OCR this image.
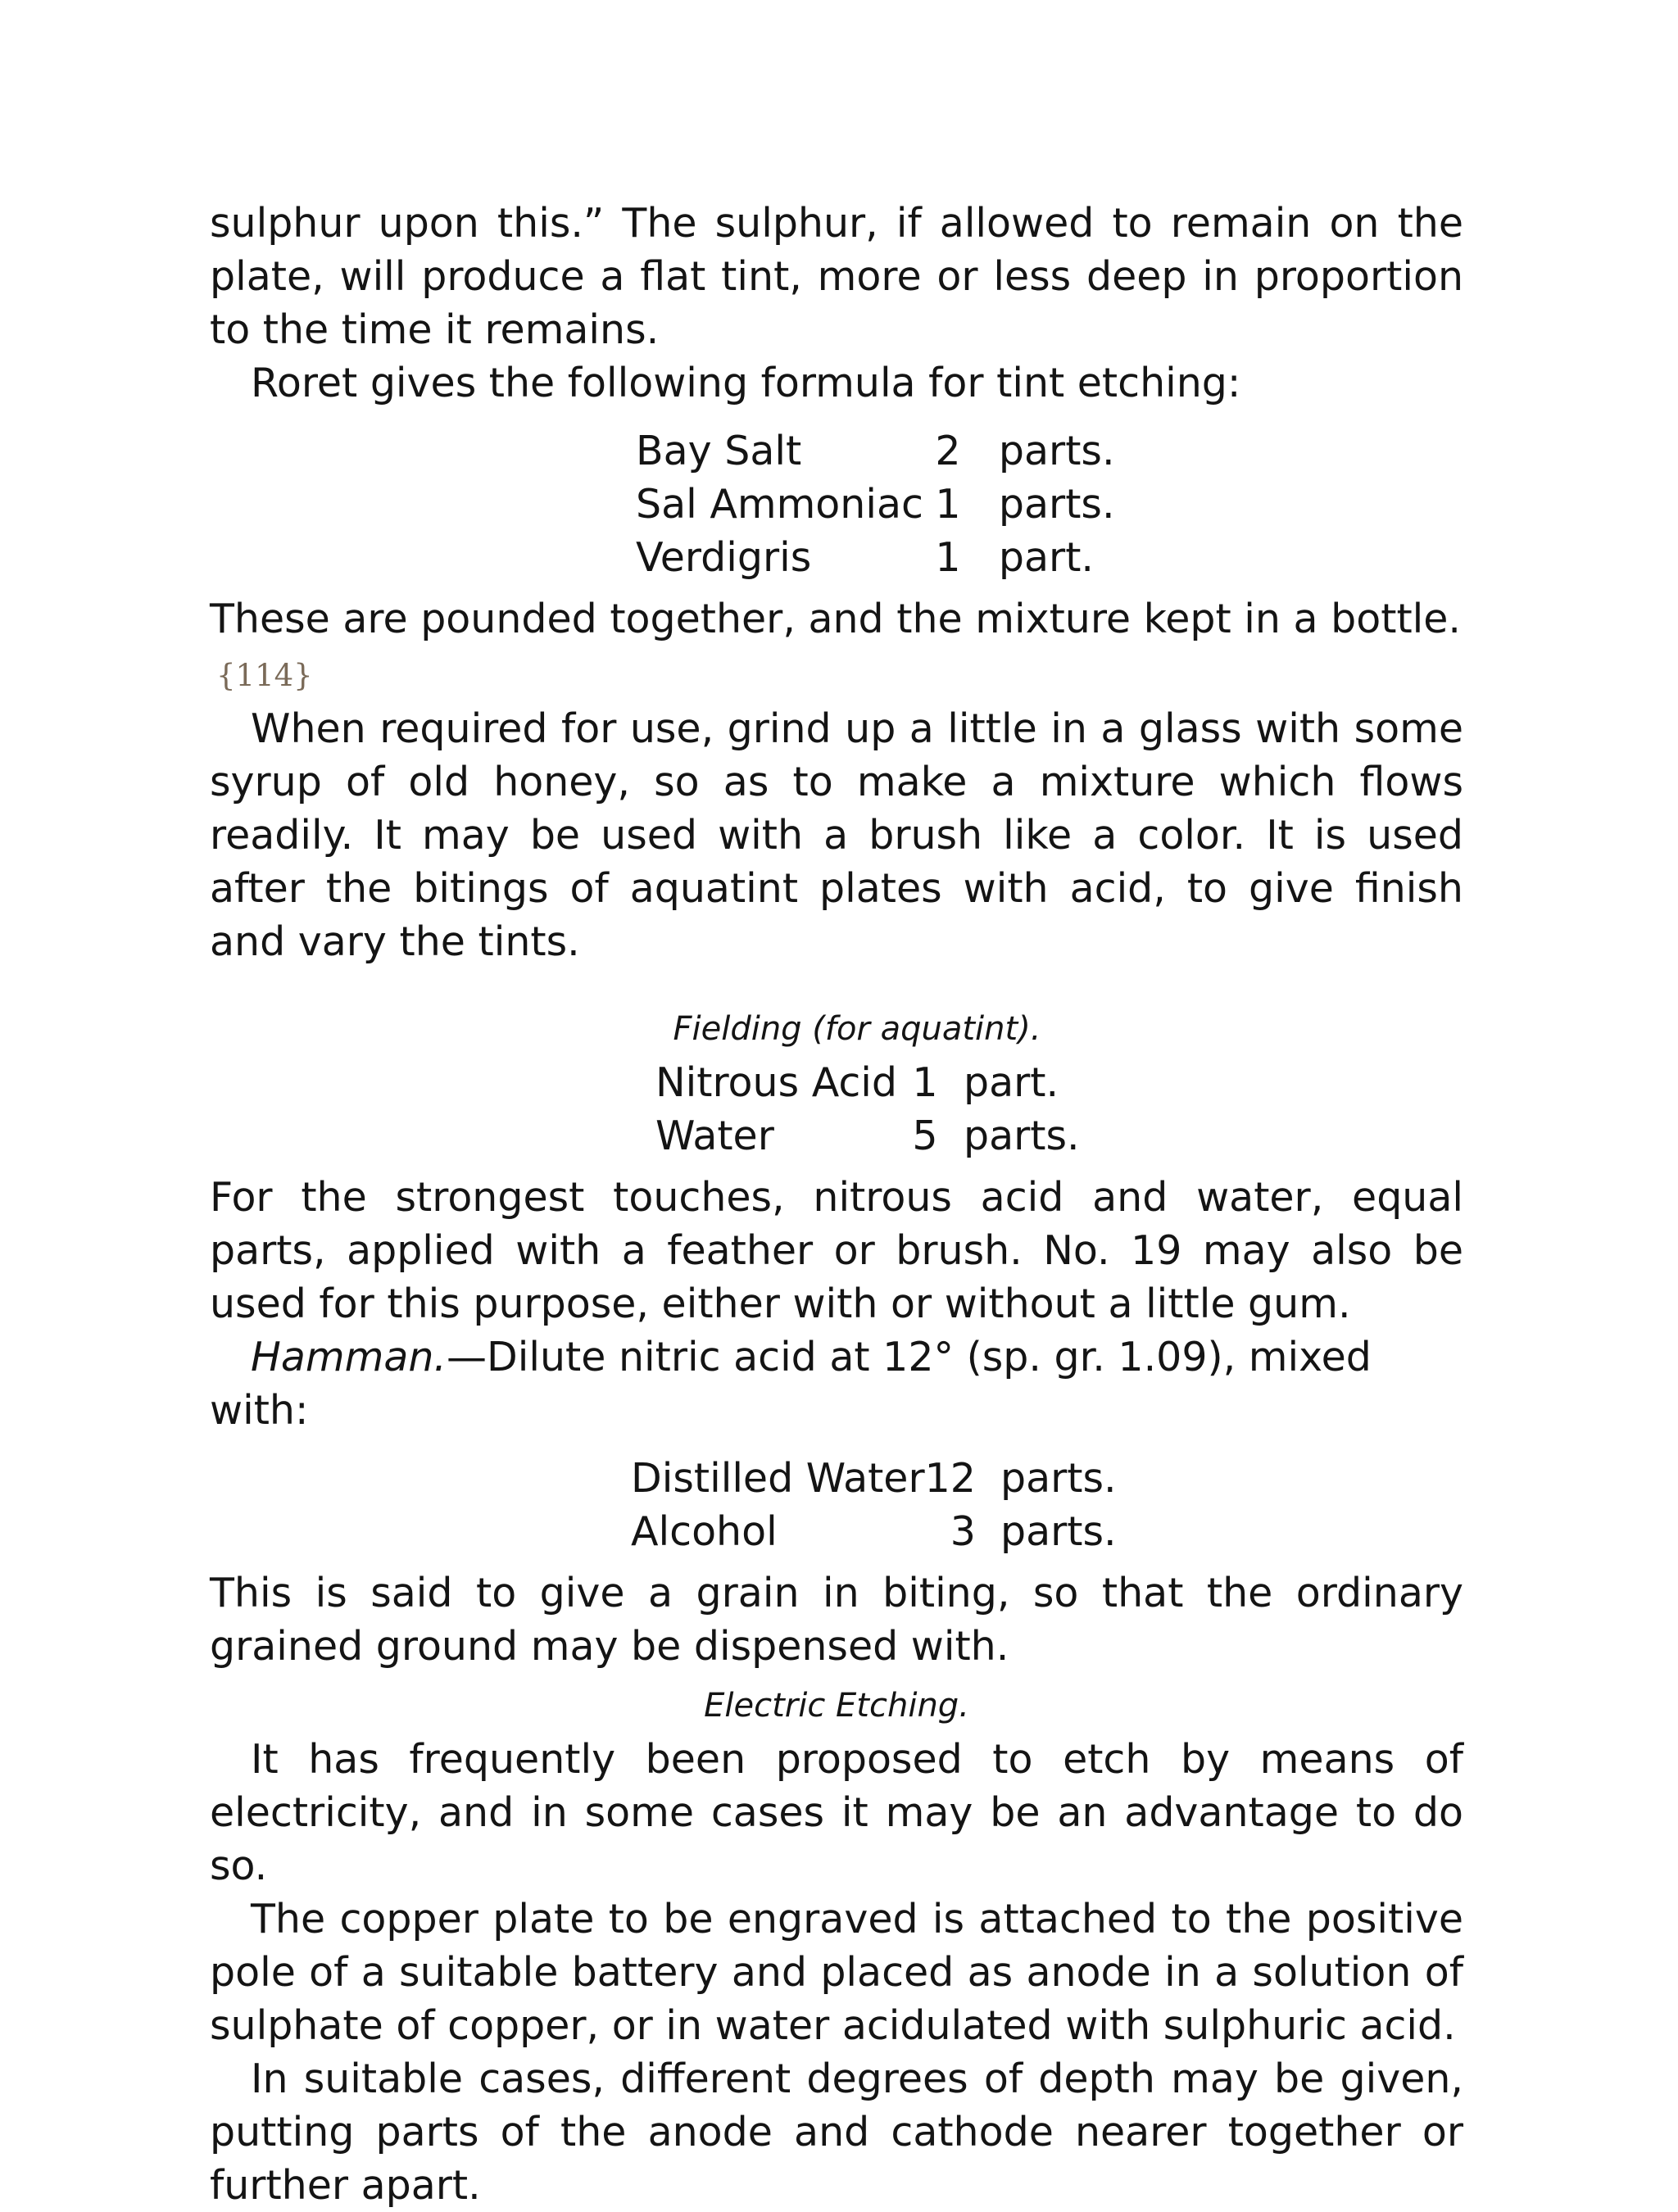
sulphur upon this.” The sulphur, if allowed to remain on the plate, will produce a flat tint, more or less deep in proportion to the time it remains.

Roret gives the following formula for tint etching:

Bay Salt	2	parts.
Sal Ammoniac	1	parts.
Verdigris	1	part.

These are pounded together, and the mixture kept in a bottle. {114}

When required for use, grind up a little in a glass with some syrup of old honey, so as to make a mixture which flows readily. It may be used with a brush like a color. It is used after the bitings of aquatint plates with acid, to give finish and vary the tints.

Fielding (for aquatint).

Nitrous Acid	1	part.
Water	5	parts.

For the strongest touches, nitrous acid and water, equal parts, applied with a feather or brush. No. 19 may also be used for this purpose, either with or without a little gum.

Hamman.—Dilute nitric acid at 12° (sp. gr. 1.09), mixed with:

Distilled Water	12	parts.
Alcohol	3	parts.

This is said to give a grain in biting, so that the ordinary grained ground may be dispensed with.

Electric Etching.

It has frequently been proposed to etch by means of electricity, and in some cases it may be an advantage to do so.

The copper plate to be engraved is attached to the positive pole of a suitable battery and placed as anode in a solution of sulphate of copper, or in water acidulated with sulphuric acid.

In suitable cases, different degrees of depth may be given, putting parts of the anode and cathode nearer together or further apart.
